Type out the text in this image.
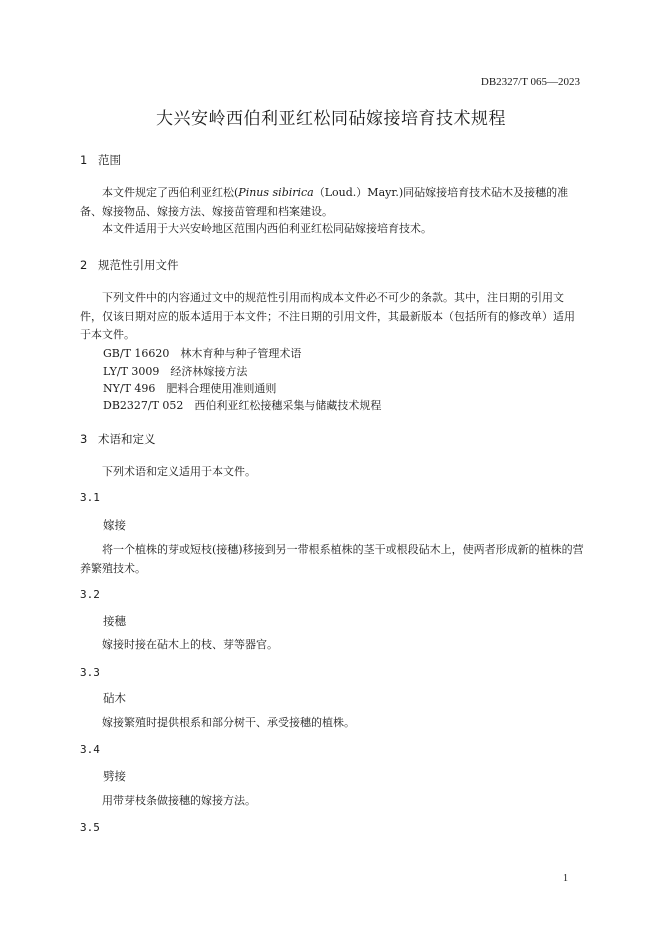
DB2327/T 065—2023
大兴安岭西伯利亚红松同砧嫁接培育技术规程
1 范围
本文件规定了西伯利亚红松(Pinus sibirica（Loud.）Mayr.)同砧嫁接培育技术砧木及接穗的准备、嫁接物品、嫁接方法、嫁接苗管理和档案建设。
本文件适用于大兴安岭地区范围内西伯利亚红松同砧嫁接培育技术。
2 规范性引用文件
下列文件中的内容通过文中的规范性引用而构成本文件必不可少的条款。其中，注日期的引用文件，仅该日期对应的版本适用于本文件；不注日期的引用文件，其最新版本（包括所有的修改单）适用于本文件。
GB/T 16620　林木育种与种子管理术语
LY/T 3009　经济林嫁接方法
NY/T 496　肥料合理使用准则通则
DB2327/T 052　西伯利亚红松接穗采集与储藏技术规程
3 术语和定义
下列术语和定义适用于本文件。
3.1
嫁接
将一个植株的芽或短枝(接穗)移接到另一带根系植株的茎干或根段砧木上，使两者形成新的植株的营养繁殖技术。
3.2
接穗
嫁接时接在砧木上的枝、芽等器官。
3.3
砧木
嫁接繁殖时提供根系和部分树干、承受接穗的植株。
3.4
劈接
用带芽枝条做接穗的嫁接方法。
3.5
1
